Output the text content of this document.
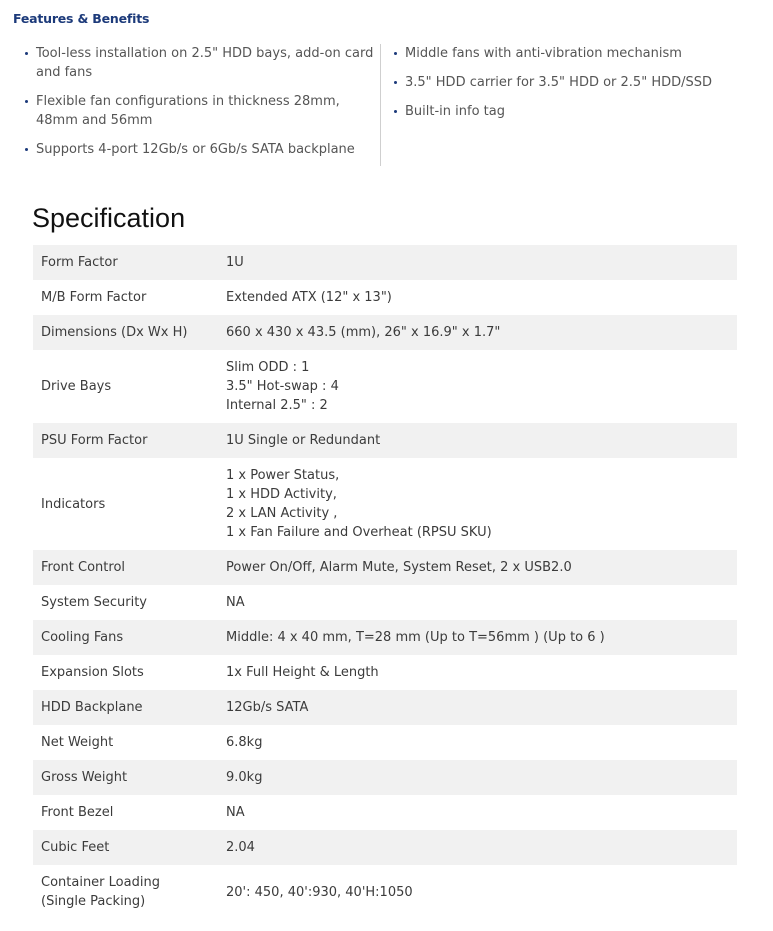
Features & Benefits
Tool-less installation on 2.5" HDD bays, add-on card and fans
Flexible fan configurations in thickness 28mm, 48mm and 56mm
Supports 4-port 12Gb/s or 6Gb/s SATA backplane
Middle fans with anti-vibration mechanism
3.5" HDD carrier for 3.5" HDD or 2.5" HDD/SSD
Built-in info tag
Specification
Form Factor	1U

M/B Form Factor	Extended ATX (12" x 13")

Dimensions (Dx Wx H)	660 x 430 x 43.5 (mm), 26" x 16.9" x 1.7"

Drive Bays	Slim ODD : 1
3.5" Hot-swap : 4
Internal 2.5" : 2

PSU Form Factor	1U Single or Redundant

Indicators	1 x Power Status,
1 x HDD Activity,
2 x LAN Activity ,
1 x Fan Failure and Overheat (RPSU SKU)

Front Control	Power On/Off, Alarm Mute, System Reset, 2 x USB2.0

System Security	NA

Cooling Fans	Middle: 4 x 40 mm, T=28 mm (Up to T=56mm ) (Up to 6 )

Expansion Slots	1x Full Height & Length

HDD Backplane	12Gb/s SATA

Net Weight	6.8kg

Gross Weight	9.0kg

Front Bezel	NA

Cubic Feet	2.04

Container Loading (Single Packing)	20': 450, 40':930, 40'H:1050
